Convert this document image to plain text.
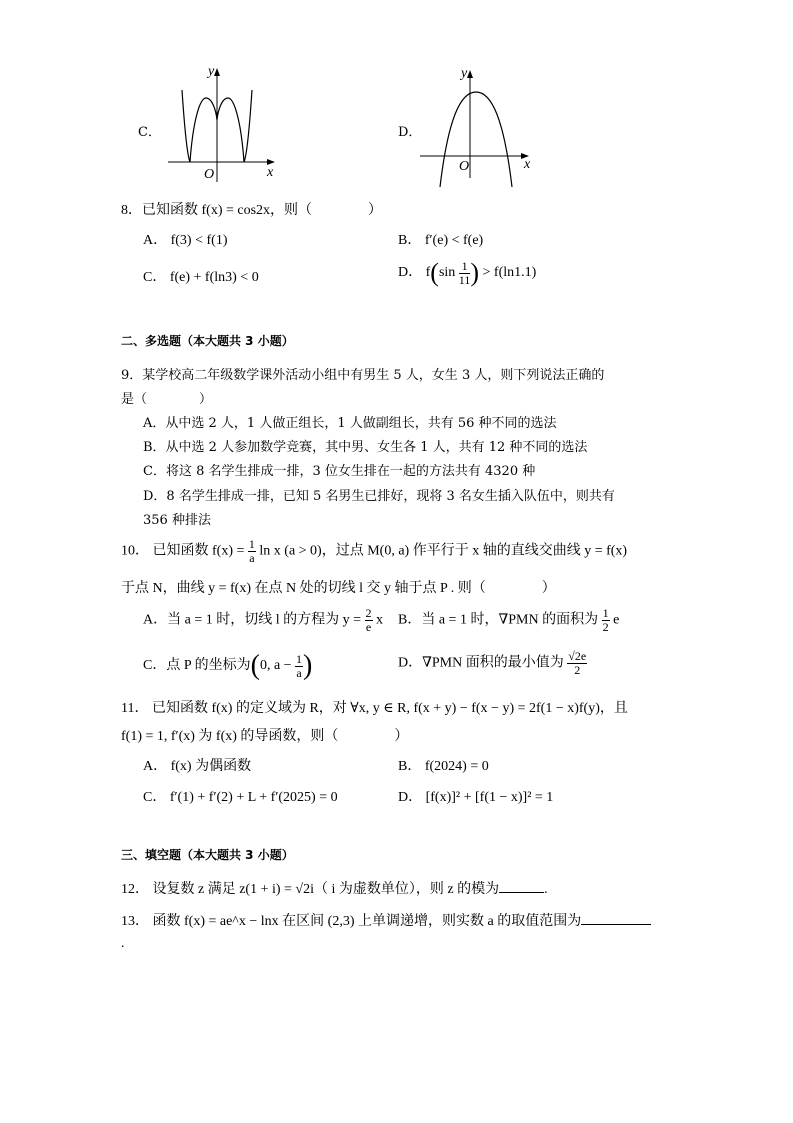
C．
y
x
O
D．
y
x
O
8．已知函数 f(x) = cos2x，则（　　　　）
A． f(3) < f(1)	B． f′(e) < f(e)
C． f(e) + f(ln3) < 0	D． $f(\sin \frac{1}{11}$ ) > f(ln1.1)
二、多选题（本大题共 3 小题）
9．某学校高二年级数学课外活动小组中有男生 5 人，女生 3 人，则下列说法正确的
是（　　　　）
A．从中选 2 人，1 人做正组长，1 人做副组长，共有 56 种不同的选法
B．从中选 2 人参加数学竞赛，其中男、女生各 1 人，共有 12 种不同的选法
C．将这 8 名学生排成一排，3 位女生排在一起的方法共有 4320 种
D．8 名学生排成一排，已知 5 名男生已排好，现将 3 名女生插入队伍中，则共有
356 种排法
10． 已知函数 $f(x) = \frac{1}{a}$ ln x (a > 0)，过点 M(0, a) 作平行于 x 轴的直线交曲线 y = f(x)
于点 N，曲线 y = f(x) 在点 N 处的切线 l 交 y 轴于点 P . 则（　　　　）
A．当 a = 1 时，切线 l 的方程为 $y = \frac{2}{e}$ x B．当 a = 1 时，∇PMN 的面积为 $\frac{1}{2}$ e
C．点 P 的坐标为(0, $a - \frac{1}{a}$ )	D．∇PMN 面积的最小值为 $\frac{√2e}{2}$
11． 已知函数 f(x) 的定义域为 R，对 ∀x, y ∈ R, f(x + y) − f(x − y) = 2f(1 − x)f(y)，且
f(1) = 1, f′(x) 为 f(x) 的导函数，则（　　　　）
A． f(x) 为偶函数	B． f(2024) = 0
C． f′(1) + f′(2) + L + f′(2025) = 0	D． [f(x)]² + [f(1 − x)]² = 1
三、填空题（本大题共 3 小题）
12． 设复数 z 满足 z(1 + i) = √2i（ i 为虚数单位），则 z 的模为	.
13． 函数 f(x) = ae^x − lnx 在区间 (2,3) 上单调递增，则实数 a 的取值范围为
.
